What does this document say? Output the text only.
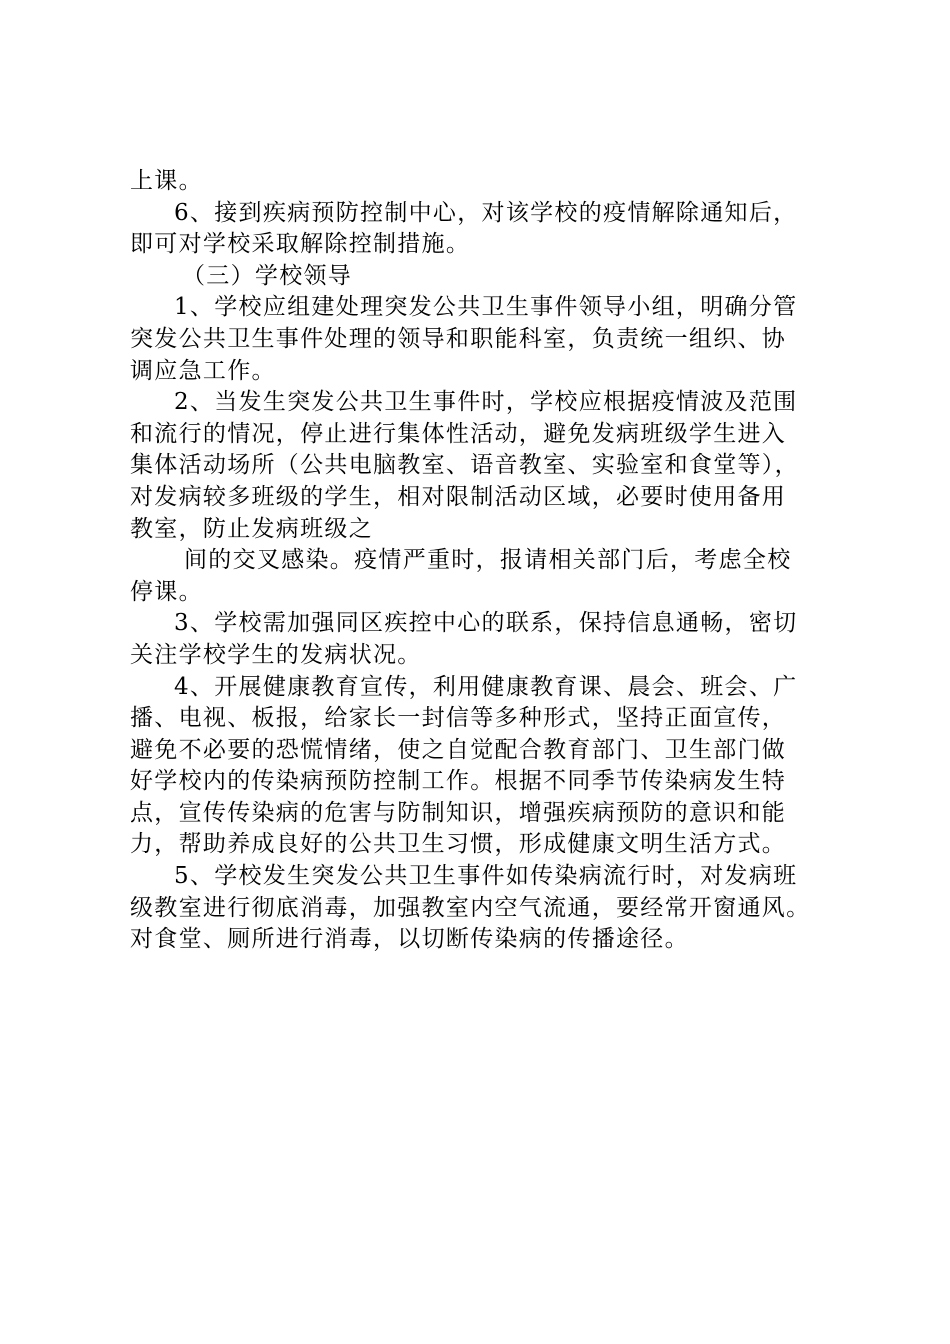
上课。
6、接到疾病预防控制中心，对该学校的疫情解除通知后，
即可对学校采取解除控制措施。
（三）学校领导
1、学校应组建处理突发公共卫生事件领导小组，明确分管
突发公共卫生事件处理的领导和职能科室，负责统一组织、协
调应急工作。
2、当发生突发公共卫生事件时，学校应根据疫情波及范围
和流行的情况，停止进行集体性活动，避免发病班级学生进入
集体活动场所（公共电脑教室、语音教室、实验室和食堂等），
对发病较多班级的学生，相对限制活动区域，必要时使用备用
教室，防止发病班级之
间的交叉感染。疫情严重时，报请相关部门后，考虑全校
停课。
3、学校需加强同区疾控中心的联系，保持信息通畅，密切
关注学校学生的发病状况。
4、开展健康教育宣传，利用健康教育课、晨会、班会、广
播、电视、板报，给家长一封信等多种形式，坚持正面宣传，
避免不必要的恐慌情绪，使之自觉配合教育部门、卫生部门做
好学校内的传染病预防控制工作。根据不同季节传染病发生特
点，宣传传染病的危害与防制知识，增强疾病预防的意识和能
力，帮助养成良好的公共卫生习惯，形成健康文明生活方式。
5、学校发生突发公共卫生事件如传染病流行时，对发病班
级教室进行彻底消毒，加强教室内空气流通，要经常开窗通风。
对食堂、厕所进行消毒，以切断传染病的传播途径。
